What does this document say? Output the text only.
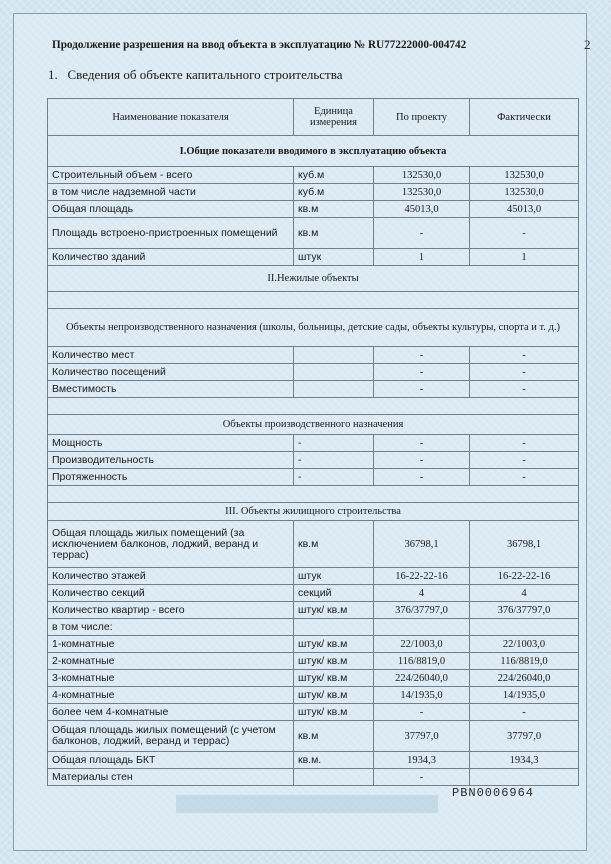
Продолжение разрешения на ввод объекта в эксплуатацию № RU77222000-004742	2
1.   Сведения об объекте капитального строительства
Наименование показателя	Единица измерения	По проекту	Фактически
I.Общие показатели вводимого в эксплуатацию объекта			
Строительный объем - всего	куб.м	132530,0	132530,0
в том числе надземной части	куб.м	132530,0	132530,0
Общая площадь	кв.м	45013,0	45013,0
Площадь встроено-пристроенных помещений	кв.м	-	-
Количество зданий	штук	1	1
II.Нежилые объекты			

Объекты непроизводственного назначения (школы, больницы, детские сады, объекты культуры, спорта и т. д.)			
Количество мест		-	-
Количество посещений		-	-
Вместимость		-	-

Объекты производственного назначения			
Мощность	-	-	-
Производительность	-	-	-
Протяженность	-	-	-

III. Объекты жилищного строительства			
Общая площадь жилых помещений (за исключением балконов, лоджий, веранд и террас)	кв.м	36798,1	36798,1
Количество этажей	штук	16-22-22-16	16-22-22-16
Количество секций	секций	4	4
Количество квартир - всего	штук/ кв.м	376/37797,0	376/37797,0
в том числе:			
1-комнатные	штук/ кв.м	22/1003,0	22/1003,0
2-комнатные	штук/ кв.м	116/8819,0	116/8819,0
3-комнатные	штук/ кв.м	224/26040,0	224/26040,0
4-комнатные	штук/ кв.м	14/1935,0	14/1935,0
более чем 4-комнатные	штук/ кв.м	-	-
Общая площадь жилых помещений (с учетом балконов, лоджий, веранд и террас)	кв.м	37797,0	37797,0
Общая площадь БКТ	кв.м.	1934,3	1934,3
Материалы стен		-	
РВN0006964
